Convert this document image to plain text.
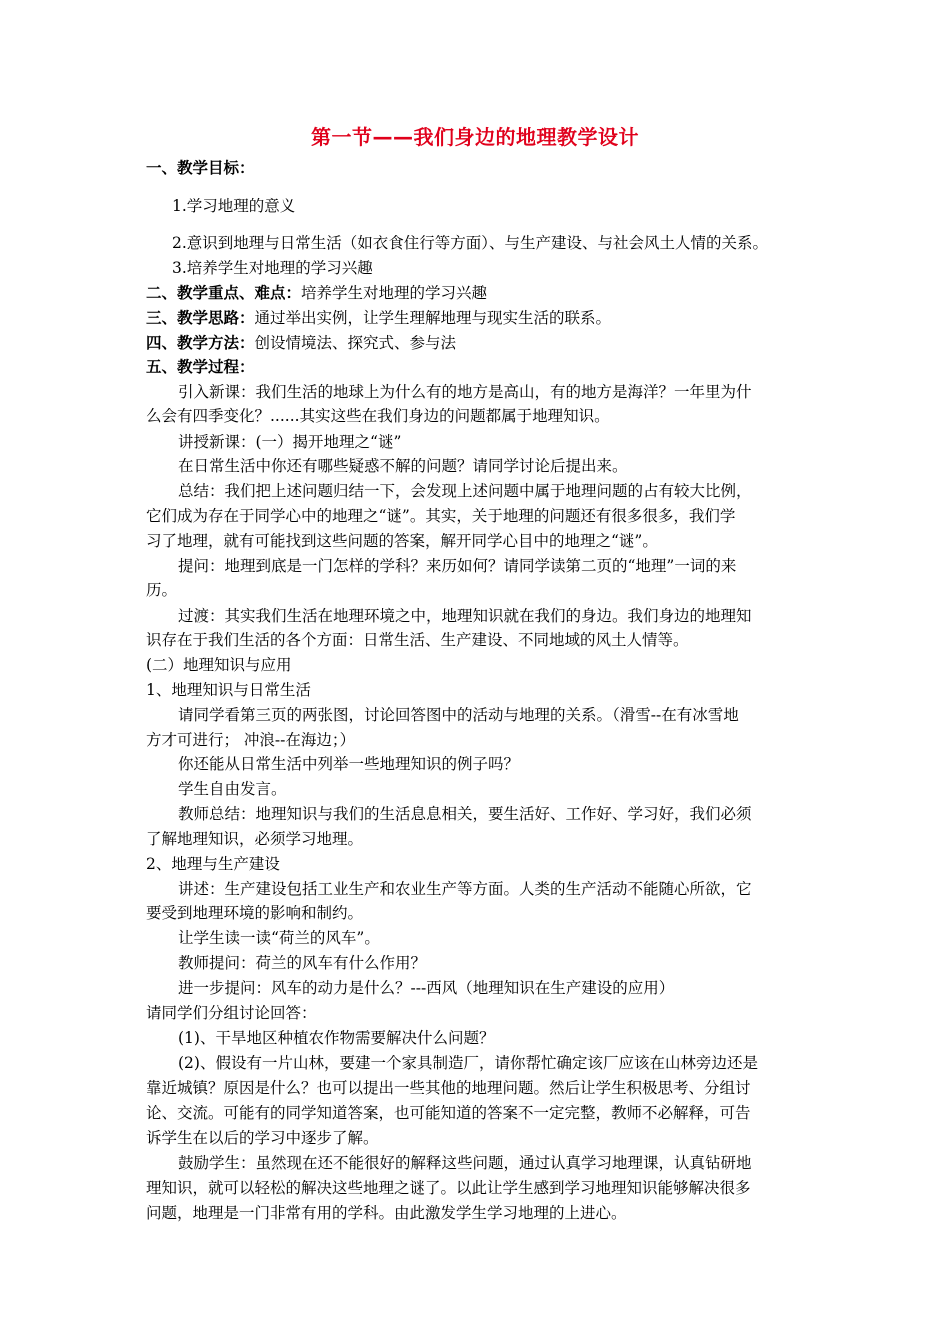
第一节——我们身边的地理教学设计
一、教学目标：
1.学习地理的意义
2.意识到地理与日常生活（如衣食住行等方面）、与生产建设、与社会风土人情的关系。
3.培养学生对地理的学习兴趣
二、教学重点、难点：培养学生对地理的学习兴趣
三、教学思路：通过举出实例，让学生理解地理与现实生活的联系。
四、教学方法：创设情境法、探究式、参与法
五、教学过程：
引入新课：我们生活的地球上为什么有的地方是高山，有的地方是海洋？一年里为什
么会有四季变化？......其实这些在我们身边的问题都属于地理知识。
讲授新课：(一）揭开地理之“谜”
在日常生活中你还有哪些疑惑不解的问题？请同学讨论后提出来。
总结：我们把上述问题归结一下，会发现上述问题中属于地理问题的占有较大比例，
它们成为存在于同学心中的地理之“谜”。其实，关于地理的问题还有很多很多，我们学
习了地理，就有可能找到这些问题的答案，解开同学心目中的地理之“谜”。
提问：地理到底是一门怎样的学科？来历如何？请同学读第二页的“地理”一词的来
历。
过渡：其实我们生活在地理环境之中，地理知识就在我们的身边。我们身边的地理知
识存在于我们生活的各个方面：日常生活、生产建设、不同地域的风土人情等。
(二）地理知识与应用
1、地理知识与日常生活
请同学看第三页的两张图，讨论回答图中的活动与地理的关系。（滑雪--在有冰雪地
方才可进行； 冲浪--在海边；）
你还能从日常生活中列举一些地理知识的例子吗？
学生自由发言。
教师总结：地理知识与我们的生活息息相关，要生活好、工作好、学习好，我们必须
了解地理知识，必须学习地理。
2、地理与生产建设
讲述：生产建设包括工业生产和农业生产等方面。人类的生产活动不能随心所欲，它
要受到地理环境的影响和制约。
让学生读一读“荷兰的风车”。
教师提问：荷兰的风车有什么作用？
进一步提问：风车的动力是什么？---西风（地理知识在生产建设的应用）
请同学们分组讨论回答：
(1)、干旱地区种植农作物需要解决什么问题？
(2)、假设有一片山林，要建一个家具制造厂，请你帮忙确定该厂应该在山林旁边还是
靠近城镇？原因是什么？也可以提出一些其他的地理问题。然后让学生积极思考、分组讨
论、交流。可能有的同学知道答案，也可能知道的答案不一定完整，教师不必解释，可告
诉学生在以后的学习中逐步了解。
鼓励学生：虽然现在还不能很好的解释这些问题，通过认真学习地理课，认真钻研地
理知识，就可以轻松的解决这些地理之谜了。以此让学生感到学习地理知识能够解决很多
问题，地理是一门非常有用的学科。由此激发学生学习地理的上进心。
